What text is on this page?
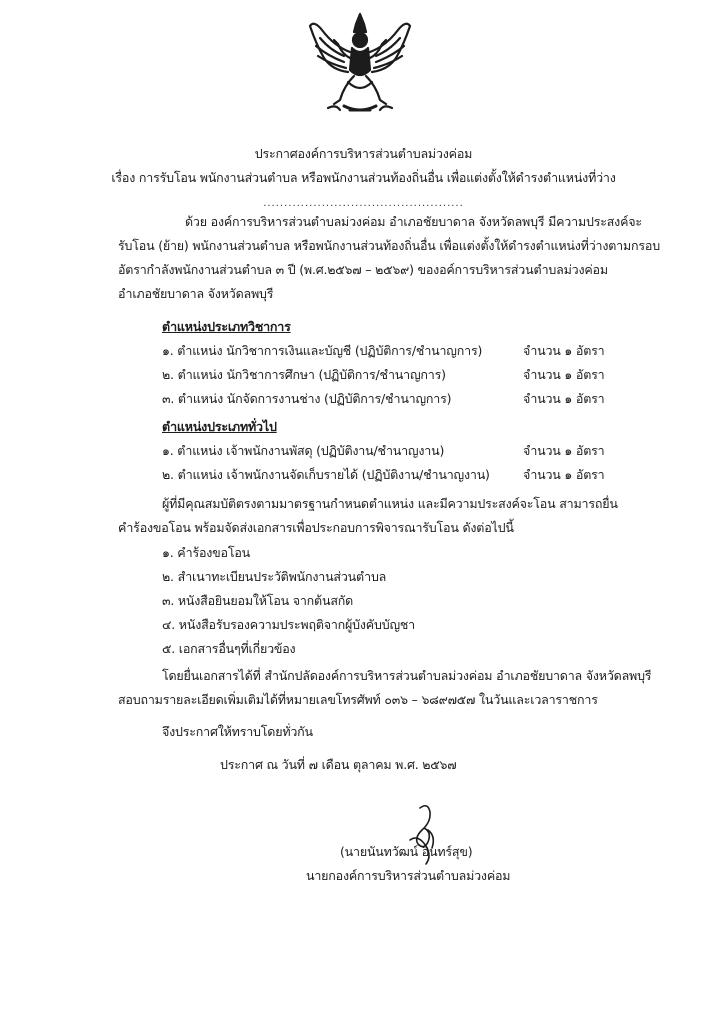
ประกาศองค์การบริหารส่วนตำบลม่วงค่อม
เรื่อง การรับโอน พนักงานส่วนตำบล หรือพนักงานส่วนท้องถิ่นอื่น เพื่อแต่งตั้งให้ดำรงตำแหน่งที่ว่าง
................................................
ด้วย องค์การบริหารส่วนตำบลม่วงค่อม อำเภอชัยบาดาล จังหวัดลพบุรี มีความประสงค์จะ
รับโอน (ย้าย) พนักงานส่วนตำบล หรือพนักงานส่วนท้องถิ่นอื่น เพื่อแต่งตั้งให้ดำรงตำแหน่งที่ว่างตามกรอบ
อัตรากำลังพนักงานส่วนตำบล ๓ ปี (พ.ศ.๒๕๖๗ – ๒๕๖๙) ของอค์การบริหารส่วนตำบลม่วงค่อม
อำเภอชัยบาดาล จังหวัดลพบุรี
ตำแหน่งประเภทวิชาการ
๑. ตำแหน่ง นักวิชาการเงินและบัญชี (ปฏิบัติการ/ชำนาญการ)	จำนวน ๑ อัตรา
๒. ตำแหน่ง นักวิชาการศึกษา (ปฏิบัติการ/ชำนาญการ)	จำนวน ๑ อัตรา
๓. ตำแหน่ง นักจัดการงานช่าง (ปฏิบัติการ/ชำนาญการ)	จำนวน ๑ อัตรา
ตำแหน่งประเภททั่วไป
๑. ตำแหน่ง เจ้าพนักงานพัสดุ (ปฏิบัติงาน/ชำนาญงาน)	จำนวน ๑ อัตรา
๒. ตำแหน่ง เจ้าพนักงานจัดเก็บรายได้ (ปฏิบัติงาน/ชำนาญงาน)	จำนวน ๑ อัตรา
ผู้ที่มีคุณสมบัติตรงตามมาตรฐานกำหนดตำแหน่ง และมีความประสงค์จะโอน สามารถยื่น
คำร้องขอโอน พร้อมจัดส่งเอกสารเพื่อประกอบการพิจารณารับโอน ดังต่อไปนี้
๑. คำร้องขอโอน
๒. สำเนาทะเบียนประวัติพนักงานส่วนตำบล
๓. หนังสือยินยอมให้โอน จากต้นสกัด
๔. หนังสือรับรองความประพฤติจากผู้บังคับบัญชา
๕. เอกสารอื่นๆที่เกี่ยวข้อง
โดยยื่นเอกสารได้ที่ สำนักปลัดองค์การบริหารส่วนตำบลม่วงค่อม อำเภอชัยบาดาล จังหวัดลพบุรี
สอบถามรายละเอียดเพิ่มเติมได้ที่หมายเลขโทรศัพท์ ๐๓๖ – ๖๘๙๗๕๗ ในวันและเวลาราชการ
จึงประกาศให้ทราบโดยทั่วกัน
ประกาศ ณ วันที่ ๗ เดือน ตุลาคม พ.ศ. ๒๕๖๗
(นายนันทวัฒน์ อินทร์สุข)
นายกองค์การบริหารส่วนตำบลม่วงค่อม
